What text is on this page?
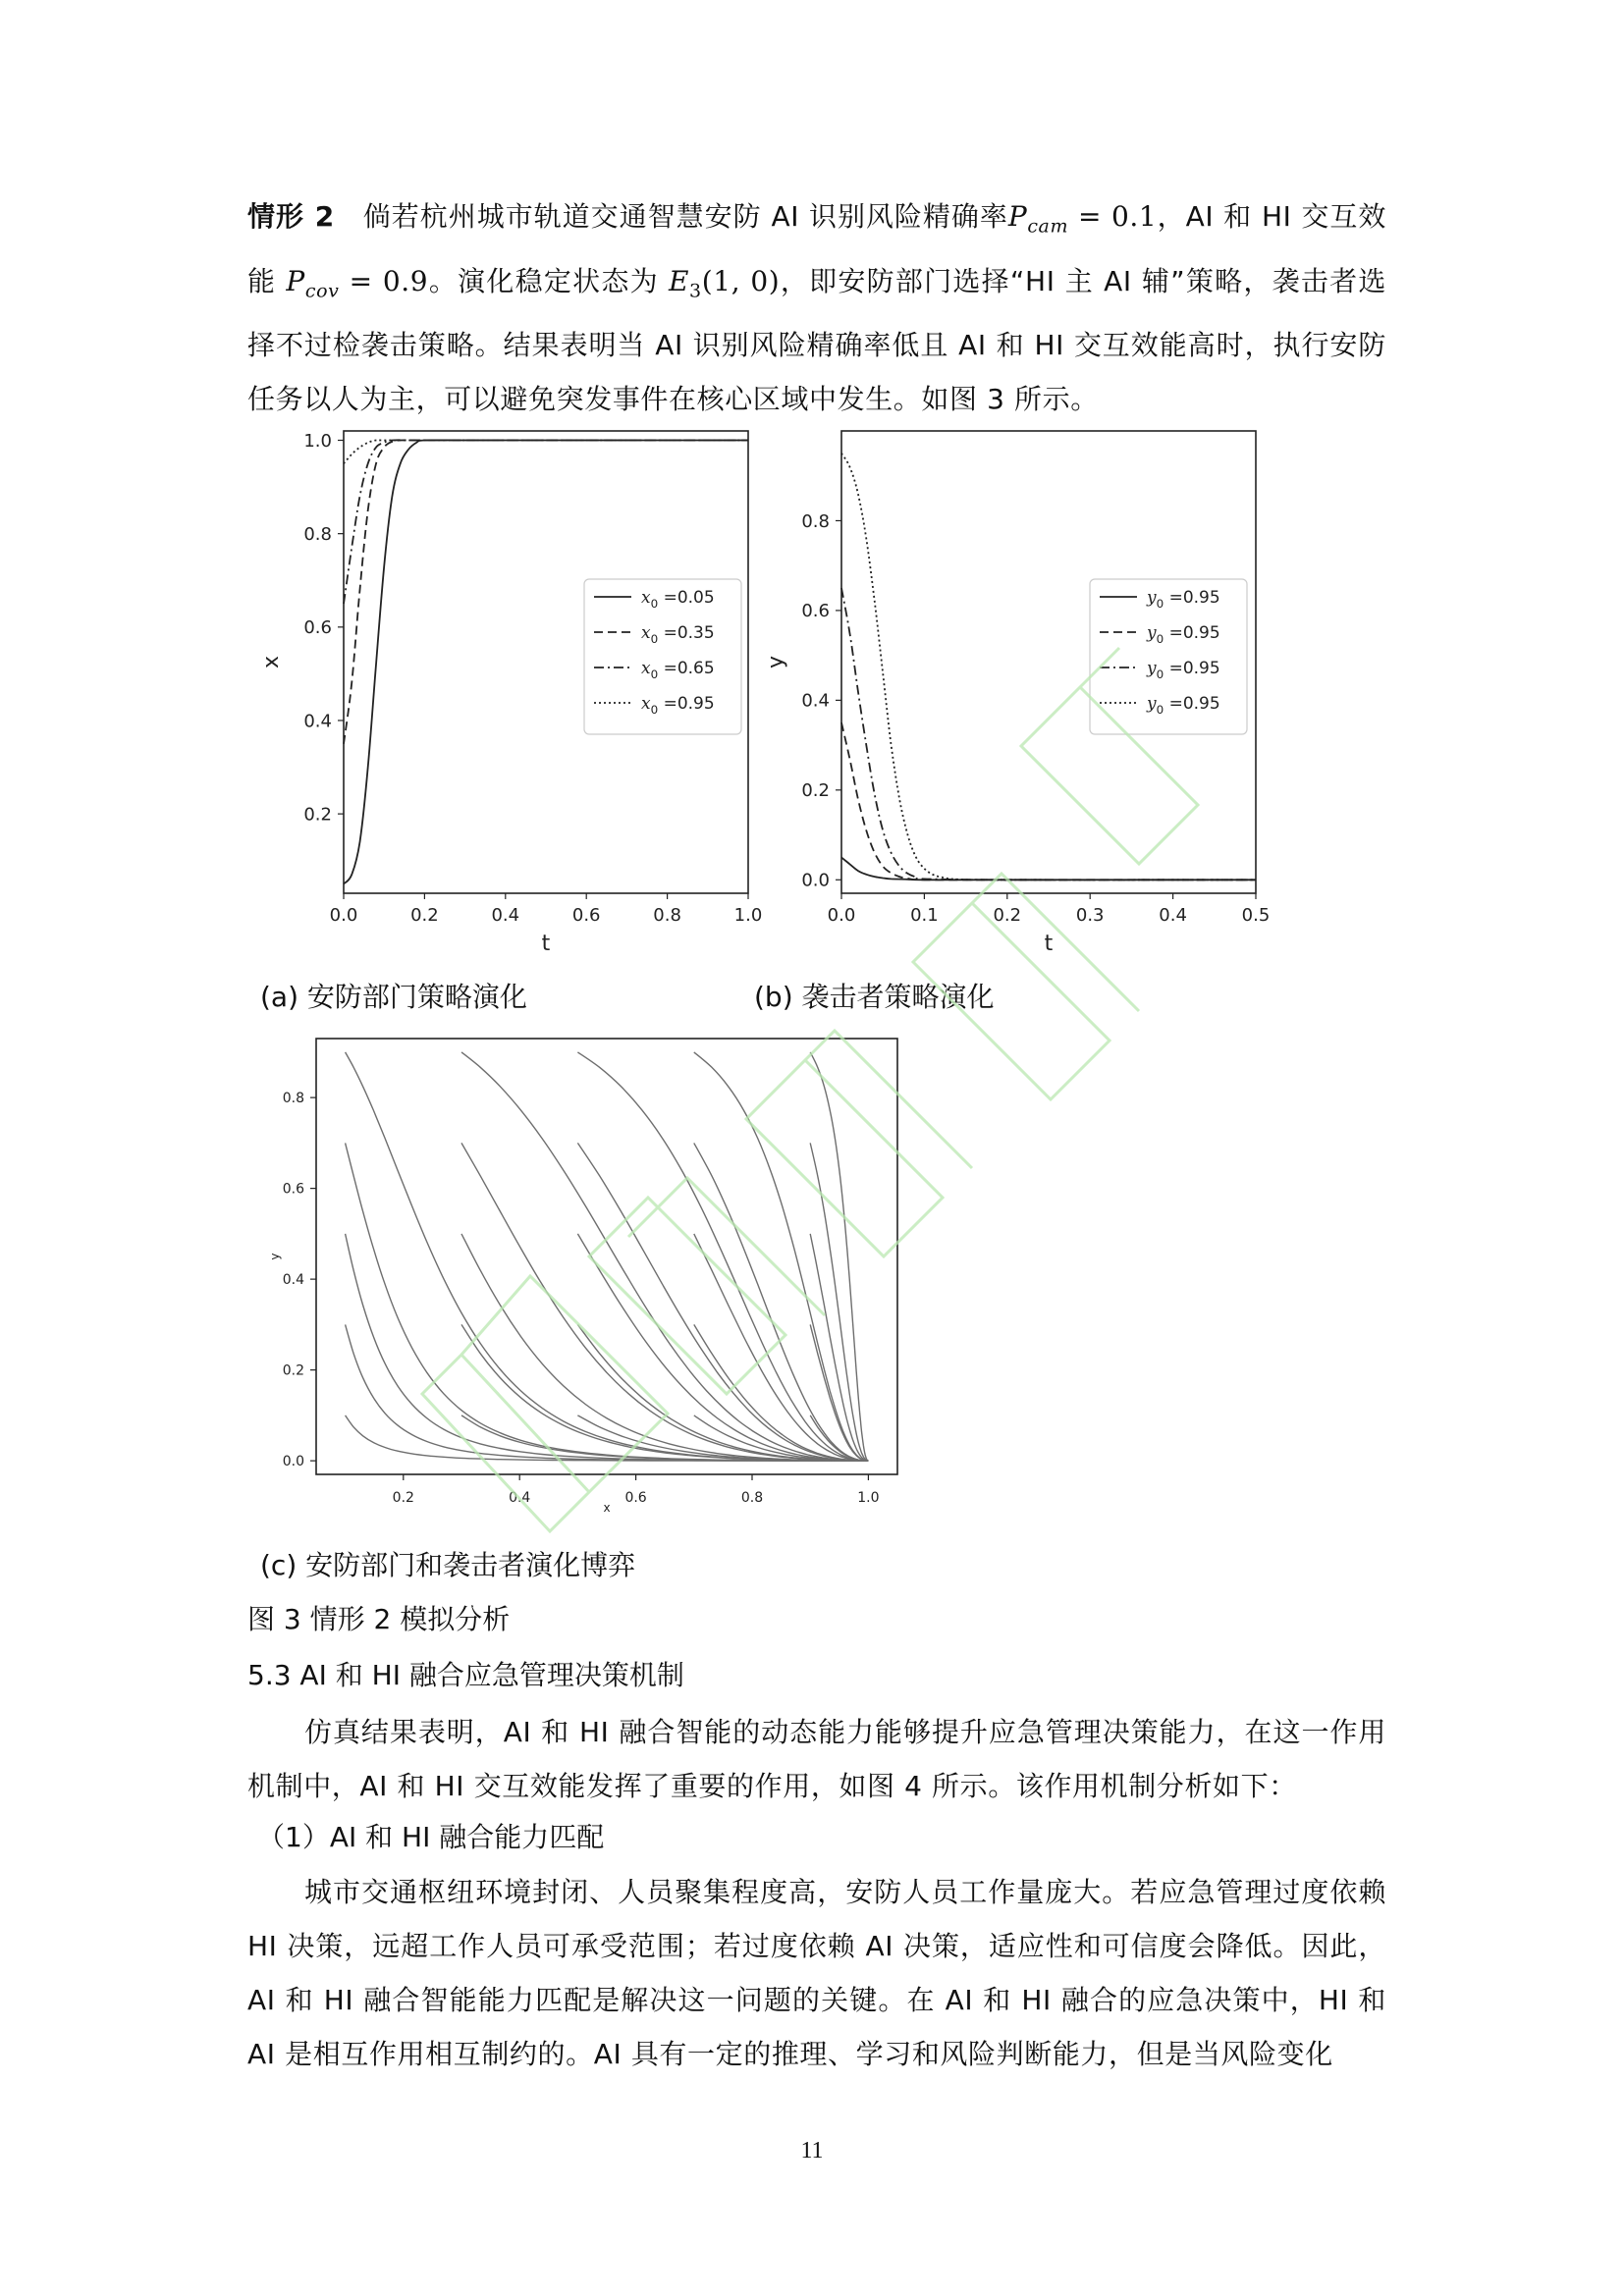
情形 2  倘若杭州城市轨道交通智慧安防 AI 识别风险精确率$P_{cam} = 0.1$，AI 和 HI 交互效能 $P_{cov} = 0.9$。演化稳定状态为 $E_3(1$, 0)，即安防部门选择“HI 主 AI 辅”策略，袭击者选择不过检袭击策略。结果表明当 AI 识别风险精确率低且 AI 和 HI 交互效能高时，执行安防任务以人为主，可以避免突发事件在核心区域中发生。如图 3 所示。
0.0	0.2	0.4	0.6	0.8	1.0
0.2
0.4
0.6
0.8
1.0
t
x
$x_0 =0.05$
$x_0 =0.35$
$x_0 =0.65$
$x_0 =0.95$
0.0	0.1	0.2	0.3	0.4	0.5
0.0
0.2
0.4
0.6
0.8
t
y
$y_0 =0.95$
$y_0 =0.95$
$y_0 =0.95$
$y_0 =0.95$
(a) 安防部门策略演化	(b) 袭击者策略演化
0.2	0.4	0.6	0.8	1.0
0.0
0.2
0.4
0.6
0.8
x
y
(c) 安防部门和袭击者演化博弈
图 3 情形 2 模拟分析
5.3 AI 和 HI 融合应急管理决策机制
仿真结果表明，AI 和 HI 融合智能的动态能力能够提升应急管理决策能力，在这一作用机制中，AI 和 HI 交互效能发挥了重要的作用，如图 4 所示。该作用机制分析如下：
（1）AI 和 HI 融合能力匹配
城市交通枢纽环境封闭、人员聚集程度高，安防人员工作量庞大。若应急管理过度依赖 HI 决策，远超工作人员可承受范围；若过度依赖 AI 决策，适应性和可信度会降低。因此，AI 和 HI 融合智能能力匹配是解决这一问题的关键。在 AI 和 HI 融合的应急决策中，HI 和 AI 是相互作用相互制约的。AI 具有一定的推理、学习和风险判断能力，但是当风险变化
11
